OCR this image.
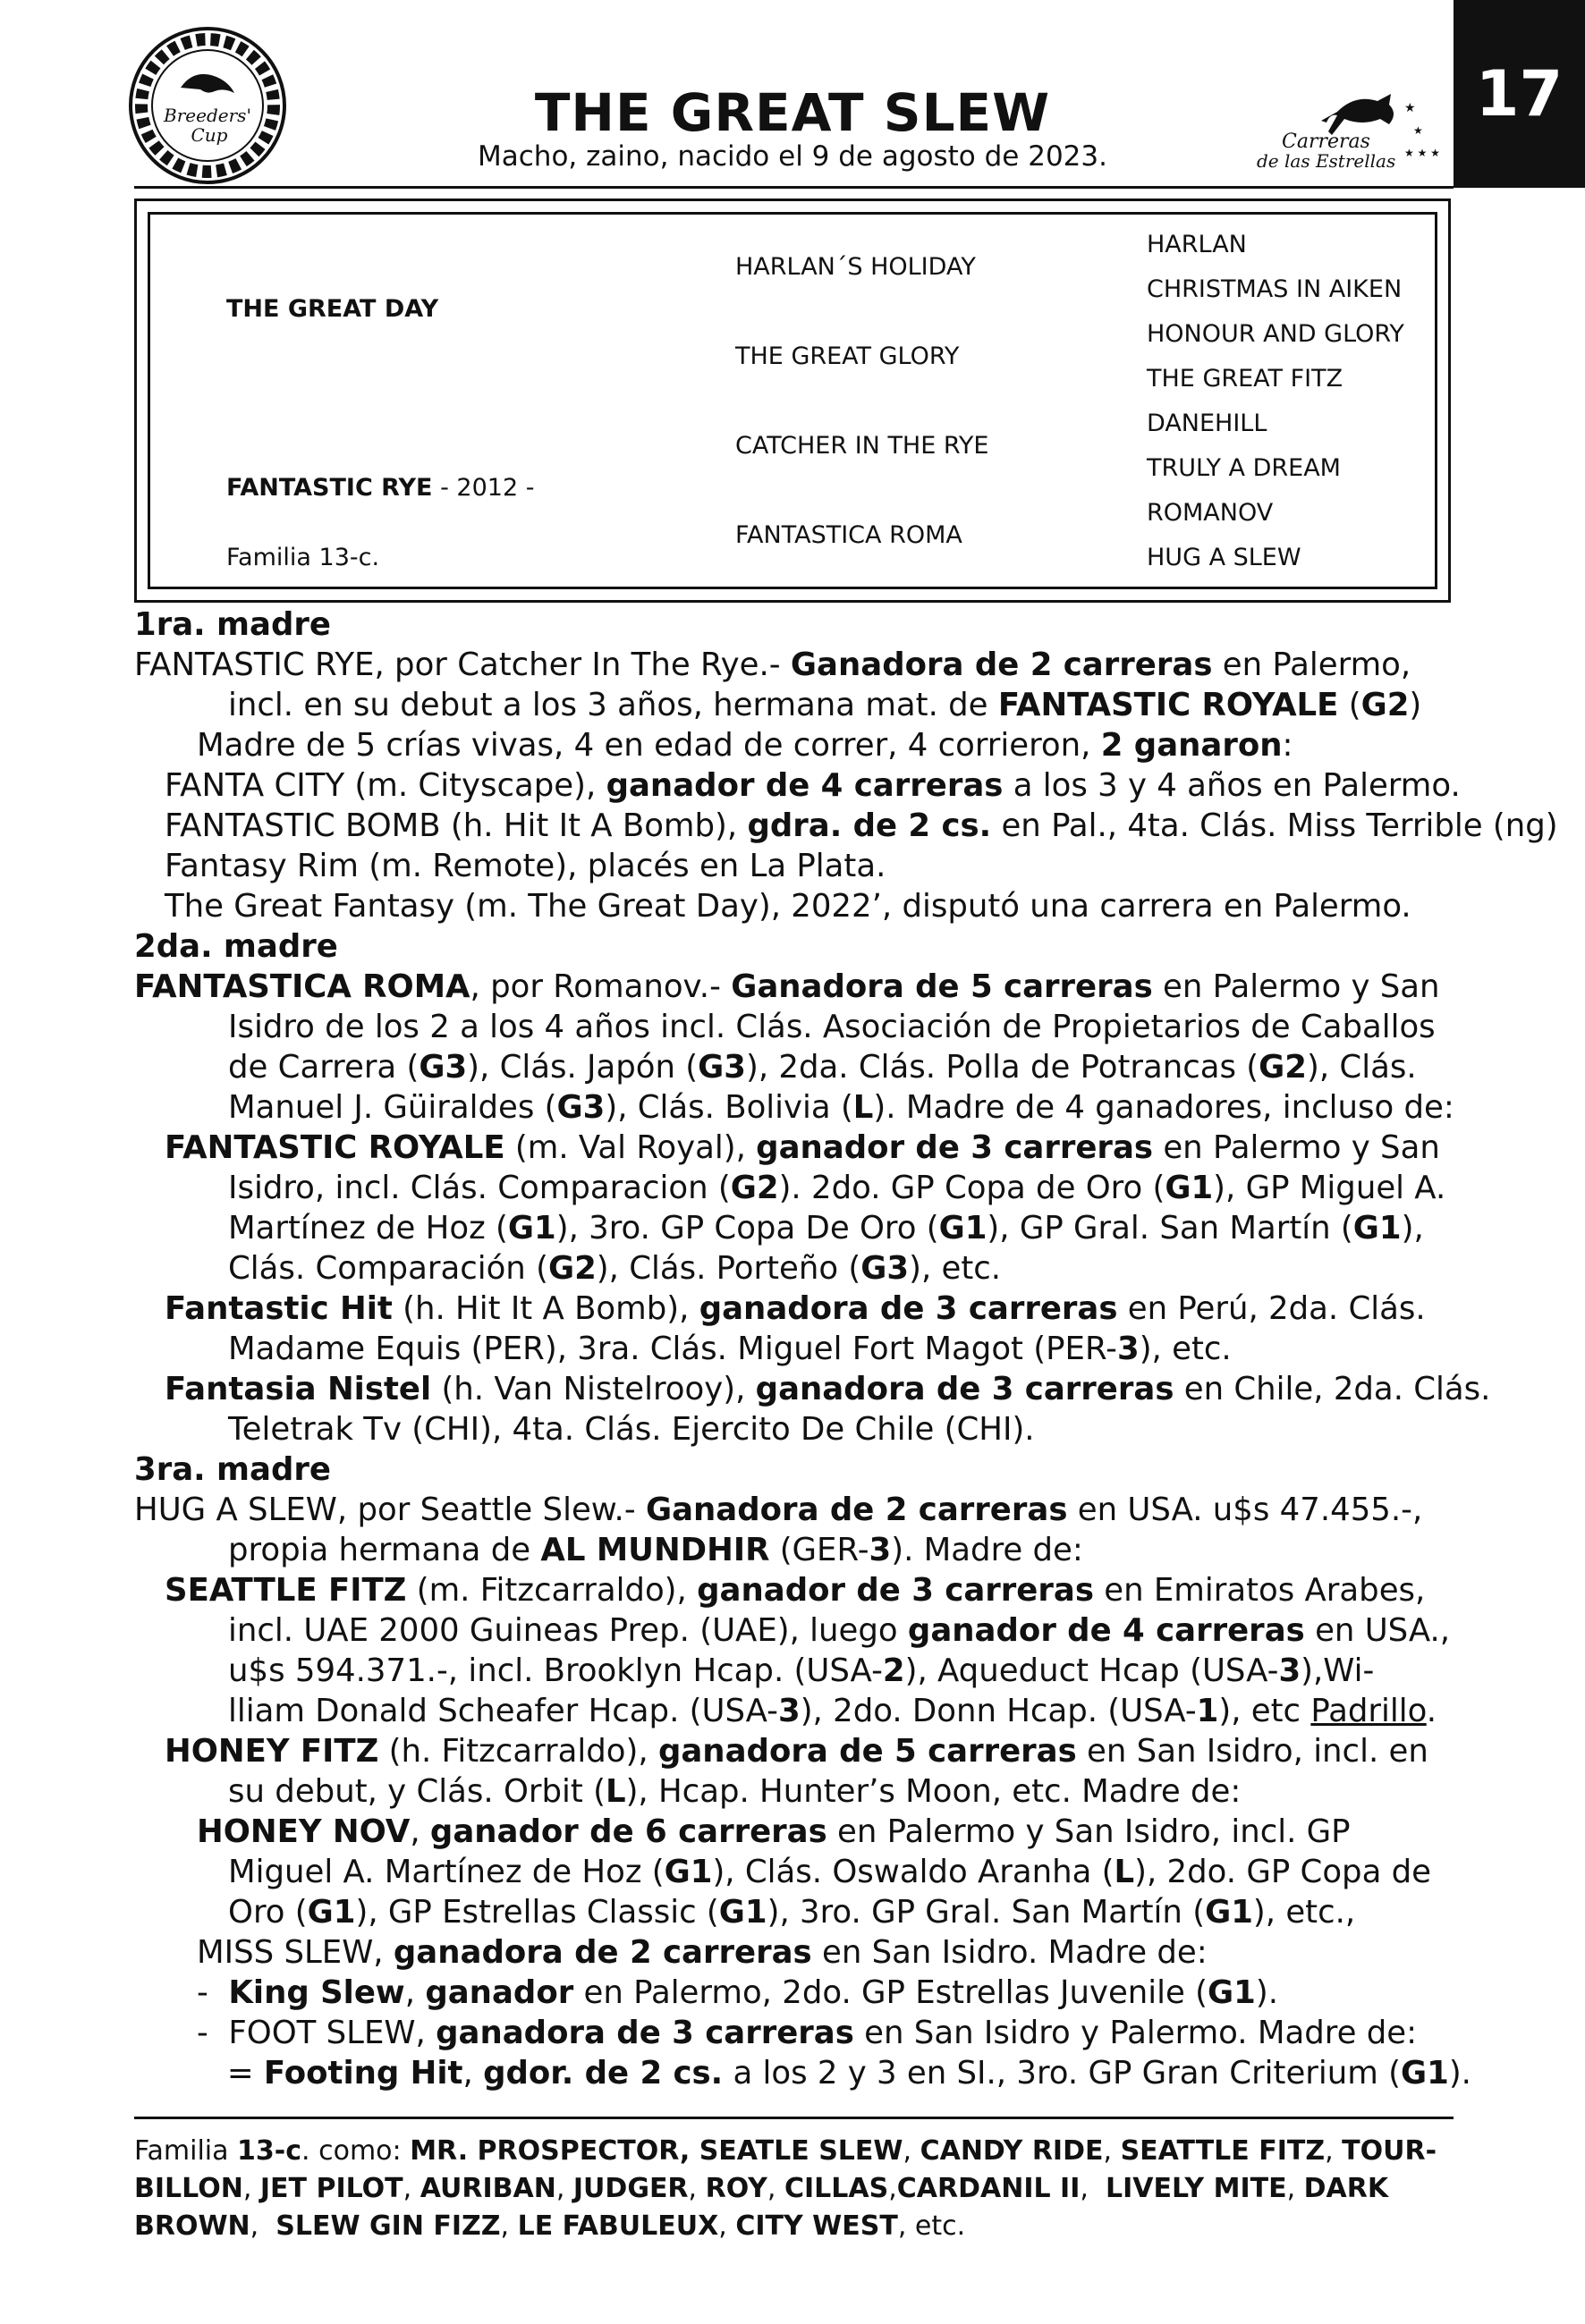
17
Breeders'
Cup	THE GREAT SLEW
Macho, zaino, nacido el 9 de agosto de 2023.	Carreras
de las Estrellas
★
★
★ ★ ★
THE GREAT DAY
FANTASTIC RYE - 2012 -
Familia 13-c.
HARLAN´S HOLIDAY
THE GREAT GLORY
CATCHER IN THE RYE
FANTASTICA ROMA
HARLAN
CHRISTMAS IN AIKEN
HONOUR AND GLORY
THE GREAT FITZ
DANEHILL
TRULY A DREAM
ROMANOV
HUG A SLEW
1ra. madre
FANTASTIC RYE, por Catcher In The Rye.- Ganadora de 2 carreras en Palermo,
incl. en su debut a los 3 años, hermana mat. de FANTASTIC ROYALE (G2)
Madre de 5 crías vivas, 4 en edad de correr, 4 corrieron, 2 ganaron:
FANTA CITY (m. Cityscape), ganador de 4 carreras a los 3 y 4 años en Palermo.
FANTASTIC BOMB (h. Hit It A Bomb), gdra. de 2 cs. en Pal., 4ta. Clás. Miss Terrible (ng)
Fantasy Rim (m. Remote), placés en La Plata.
The Great Fantasy (m. The Great Day), 2022’, disputó una carrera en Palermo.
2da. madre
FANTASTICA ROMA, por Romanov.- Ganadora de 5 carreras en Palermo y San
Isidro de los 2 a los 4 años incl. Clás. Asociación de Propietarios de Caballos
de Carrera (G3), Clás. Japón (G3), 2da. Clás. Polla de Potrancas (G2), Clás.
Manuel J. Güiraldes (G3), Clás. Bolivia (L). Madre de 4 ganadores, incluso de:
FANTASTIC ROYALE (m. Val Royal), ganador de 3 carreras en Palermo y San
Isidro, incl. Clás. Comparacion (G2). 2do. GP Copa de Oro (G1), GP Miguel A.
Martínez de Hoz (G1), 3ro. GP Copa De Oro (G1), GP Gral. San Martín (G1),
Clás. Comparación (G2), Clás. Porteño (G3), etc.
Fantastic Hit (h. Hit It A Bomb), ganadora de 3 carreras en Perú, 2da. Clás.
Madame Equis (PER), 3ra. Clás. Miguel Fort Magot (PER-3), etc.
Fantasia Nistel (h. Van Nistelrooy), ganadora de 3 carreras en Chile, 2da. Clás.
Teletrak Tv (CHI), 4ta. Clás. Ejercito De Chile (CHI).
3ra. madre
HUG A SLEW, por Seattle Slew.- Ganadora de 2 carreras en USA. u$s 47.455.-,
propia hermana de AL MUNDHIR (GER-3). Madre de:
SEATTLE FITZ (m. Fitzcarraldo), ganador de 3 carreras en Emiratos Arabes,
incl. UAE 2000 Guineas Prep. (UAE), luego ganador de 4 carreras en USA.,
u$s 594.371.-, incl. Brooklyn Hcap. (USA-2), Aqueduct Hcap (USA-3),Wi-
lliam Donald Scheafer Hcap. (USA-3), 2do. Donn Hcap. (USA-1), etc Padrillo.
HONEY FITZ (h. Fitzcarraldo), ganadora de 5 carreras en San Isidro, incl. en
su debut, y Clás. Orbit (L), Hcap. Hunter’s Moon, etc. Madre de:
HONEY NOV, ganador de 6 carreras en Palermo y San Isidro, incl. GP
Miguel A. Martínez de Hoz (G1), Clás. Oswaldo Aranha (L), 2do. GP Copa de
Oro (G1), GP Estrellas Classic (G1), 3ro. GP Gral. San Martín (G1), etc.,
MISS SLEW, ganadora de 2 carreras en San Isidro. Madre de:
-  King Slew, ganador en Palermo, 2do. GP Estrellas Juvenile (G1).
-  FOOT SLEW, ganadora de 3 carreras en San Isidro y Palermo. Madre de:
= Footing Hit, gdor. de 2 cs. a los 2 y 3 en SI., 3ro. GP Gran Criterium (G1).
Familia 13-c. como: MR. PROSPECTOR, SEATLE SLEW, CANDY RIDE, SEATTLE FITZ, TOUR-
BILLON, JET PILOT, AURIBAN, JUDGER, ROY, CILLAS,CARDANIL II,  LIVELY MITE, DARK
BROWN,  SLEW GIN FIZZ, LE FABULEUX, CITY WEST, etc.
